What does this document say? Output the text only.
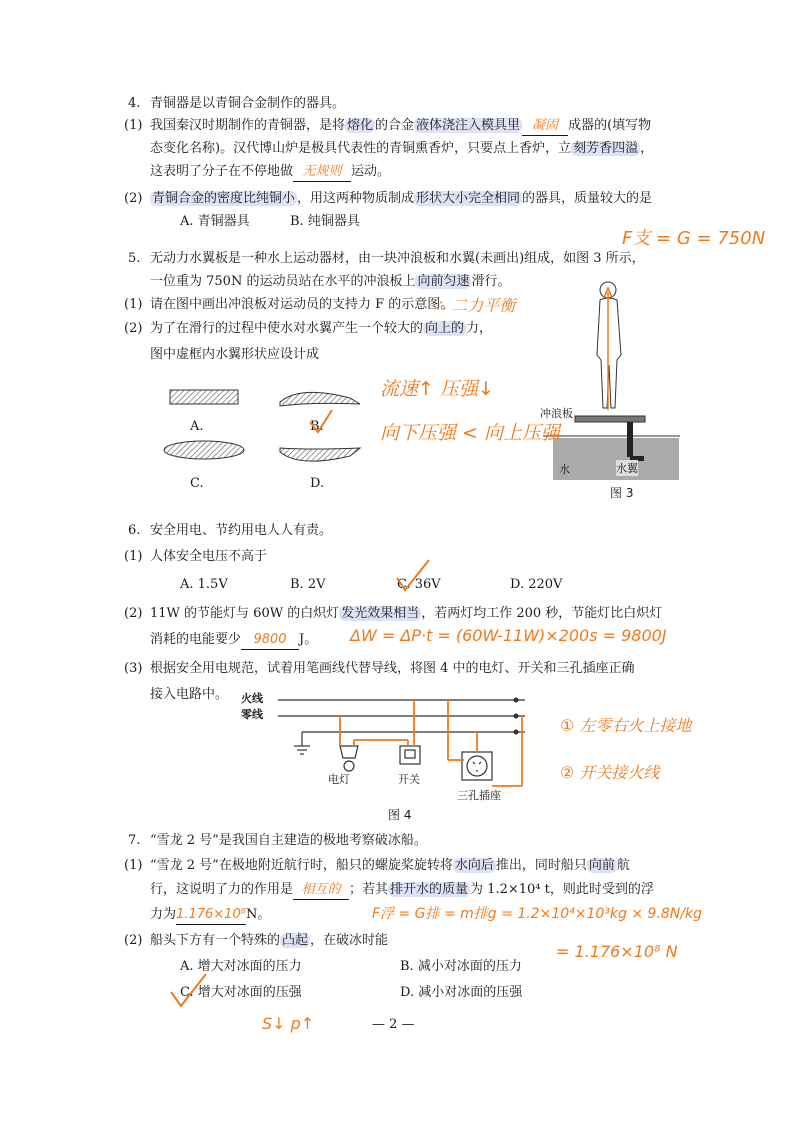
4. 青铜器是以青铜合金制作的器具。
(1) 我国秦汉时期制作的青铜器，是将 熔化 的合金 液体浇注入模具里 凝固 成器的(填写物
态变化名称)。汉代博山炉是极具代表性的青铜熏香炉，只要点上香炉，立 刻芳香四溢 ，
这表明了分子在不停地做 无规则 运动。
(2) 青铜合金的密度比纯铜小 ，用这两种物质制成 形状大小完全相同 的器具，质量较大的是
A. 青铜器具	B. 纯铜器具
5. 无动力水翼板是一种水上运动器材，由一块冲浪板和水翼(未画出)组成，如图 3 所示，
一位重为 750N 的运动员站在水平的冲浪板上 向前匀速 滑行。
(1) 请在图中画出冲浪板对运动员的支持力 F 的示意图。
(2) 为了在滑行的过程中使水对水翼产生一个较大的 向上的 力，
图中虚框内水翼形状应设计成
A.	B.
C.	D.
冲浪板
水	水翼
图 3
6. 安全用电、节约用电人人有责。
(1) 人体安全电压不高于
A. 1.5V	B. 2V	C. 36V	D. 220V
(2) 11W 的节能灯与 60W 的白炽灯 发光效果相当 ，若两灯均工作 200 秒，节能灯比白炽灯
消耗的电能要少 9800 J。
(3) 根据安全用电规范，试着用笔画线代替导线，将图 4 中的电灯、开关和三孔插座正确
接入电路中。 火线
零线
电灯	开关
三孔插座
图 4
7. “雪龙 2 号”是我国自主建造的极地考察破冰船。
(1) “雪龙 2 号”在极地附近航行时，船只的螺旋桨旋转将 水向后 推出，同时船只 向前 航
行，这说明了力的作用是 相互的 ；若其 排开水的质量 为 1.2×10⁴ t，则此时受到的浮
力为1.176×10⁸N。
(2) 船头下方有一个特殊的 凸起 ，在破冰时能
A. 增大对冰面的压力	B. 减小对冰面的压力
C. 增大对冰面的压强	D. 减小对冰面的压强
F支 = G = 750N
∴ 二力平衡
流速↑ 压强↓
向下压强 < 向上压强
ΔW = ΔP·t = (60W-11W)×200s = 9800J
① 左零右火上接地
② 开关接火线
F浮 = G排 = m排g = 1.2×10⁴×10³kg × 9.8N/kg
= 1.176×10⁸ N
S↓ p↑	— 2 —
